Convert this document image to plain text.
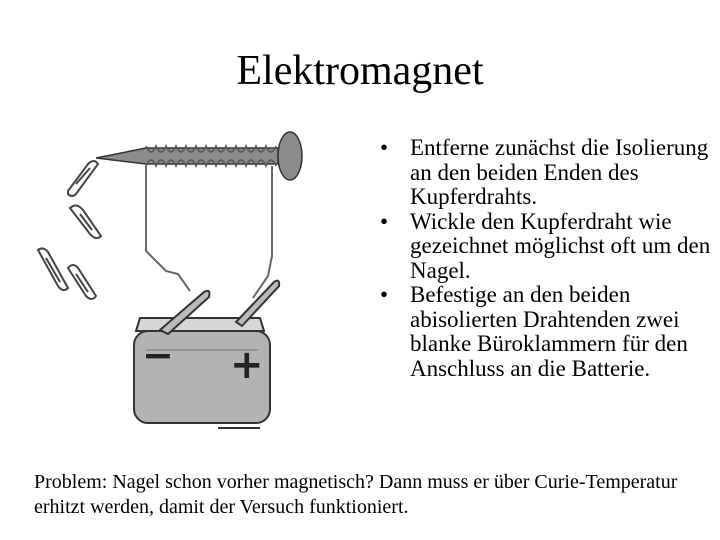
Elektromagnet
− +
• Entferne zunächst die Isolierung an den beiden Enden des Kupferdrahts.
• Wickle den Kupferdraht wie gezeichnet möglichst oft um den Nagel.
• Befestige an den beiden abisolierten Drahtenden zwei blanke Büroklammern für den Anschluss an die Batterie.
Problem: Nagel schon vorher magnetisch? Dann muss er über Curie-Temperatur erhitzt werden, damit der Versuch funktioniert.
